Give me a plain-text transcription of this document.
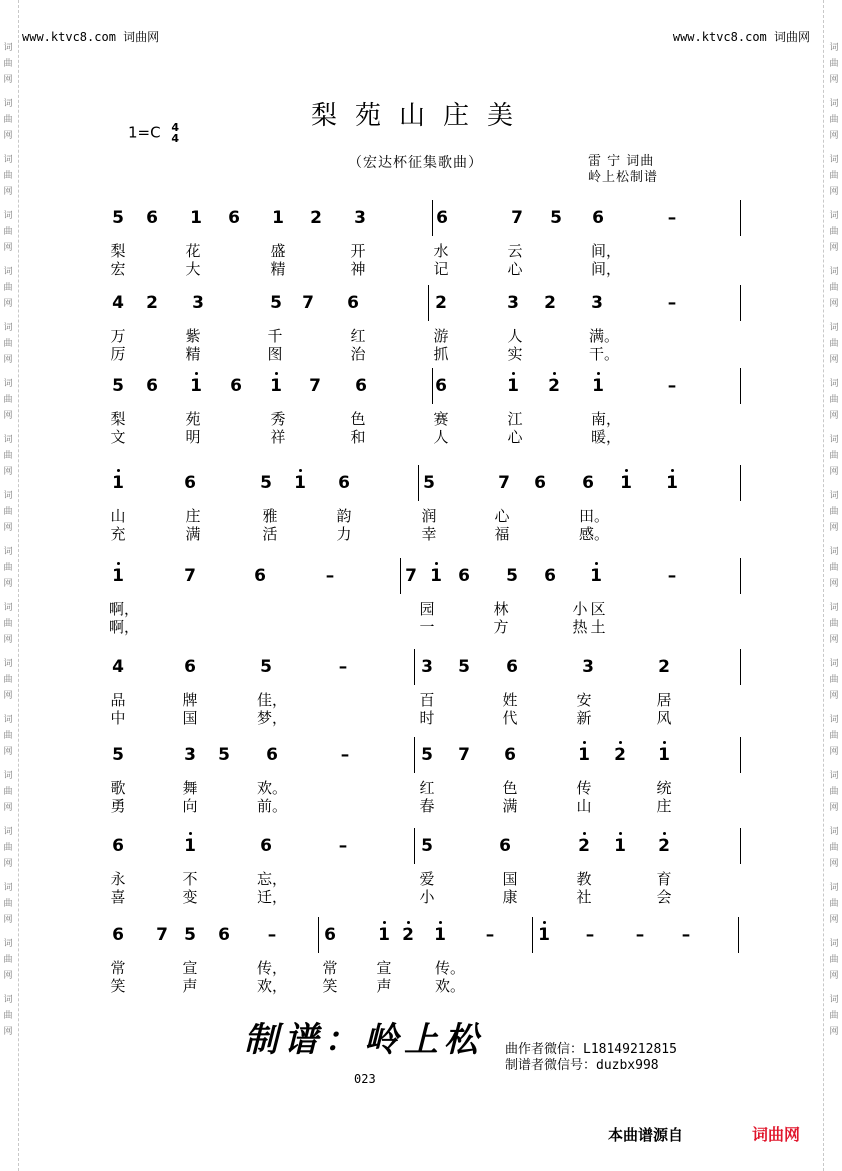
词
曲
网
词
曲
网
词
曲
网
词
曲
网
词
曲
网
词
曲
网
词
曲
网
词
曲
网
词
曲
网
词
曲
网
词
曲
网
词
曲
网
词
曲
网
词
曲
网
词
曲
网
词
曲
网
词
曲
网
词
曲
网
词
曲
网
词
曲
网
词
曲
网
词
曲
网
词
曲
网
词
曲
网
词
曲
网
词
曲
网
词
曲
网
词
曲
网
词
曲
网
词
曲
网
词
曲
网
词
曲
网
词
曲
网
词
曲
网
词
曲
网
词
曲
网
www.ktvc8.com 词曲网	www.ktvc8.com 词曲网
梨苑山庄美
1=C 4
4
（宏达杯征集歌曲）	雷 宁 词曲
岭上松制谱
5 6 1 6 1 2 3	6	7 5 6	–
梨	花	盛	开	水	云	间，
宏	大	精	神	记	心	间，
4 2 3	5 7 6	2	3 2 3	–
万	紫	千	红	游	人	满。
厉	精	图	治	抓	实	干。
5 6 1 6 1 7 6	6	1 2 1	–
梨	苑	秀	色	赛	江	南，
文	明	祥	和	人	心	暖，
1	6	5 1 6	5	7 6 6 1 1
山	庄	雅	韵	润	心	田。
充	满	活	力	幸	福	感。
1	7	6	–	7 1 6 5 6 1	–
啊，	园	林	小 区
啊，	一	方	热 土
4	6	5	–	3 5 6	3	2
品	牌	佳，	百	姓	安	居
中	国	梦，	时	代	新	风
5	3 5 6	–	5 7 6	1 2 1
歌	舞	欢。	红	色	传	统
勇	向	前。	春	满	山	庄
6	1	6	–	5	6	2 1 2
永	不	忘，	爱	国	教	育
喜	变	迁，	小	康	社	会
6 7 5 6 –	6 1 2 1 –	1 – – –
常	宣	传， 常	宣	传。
笑	声	欢， 笑	声	欢。
制谱：岭上松 曲作者微信：L18149212815
制谱者微信号：duzbx998
023
本曲谱源自	词曲网
